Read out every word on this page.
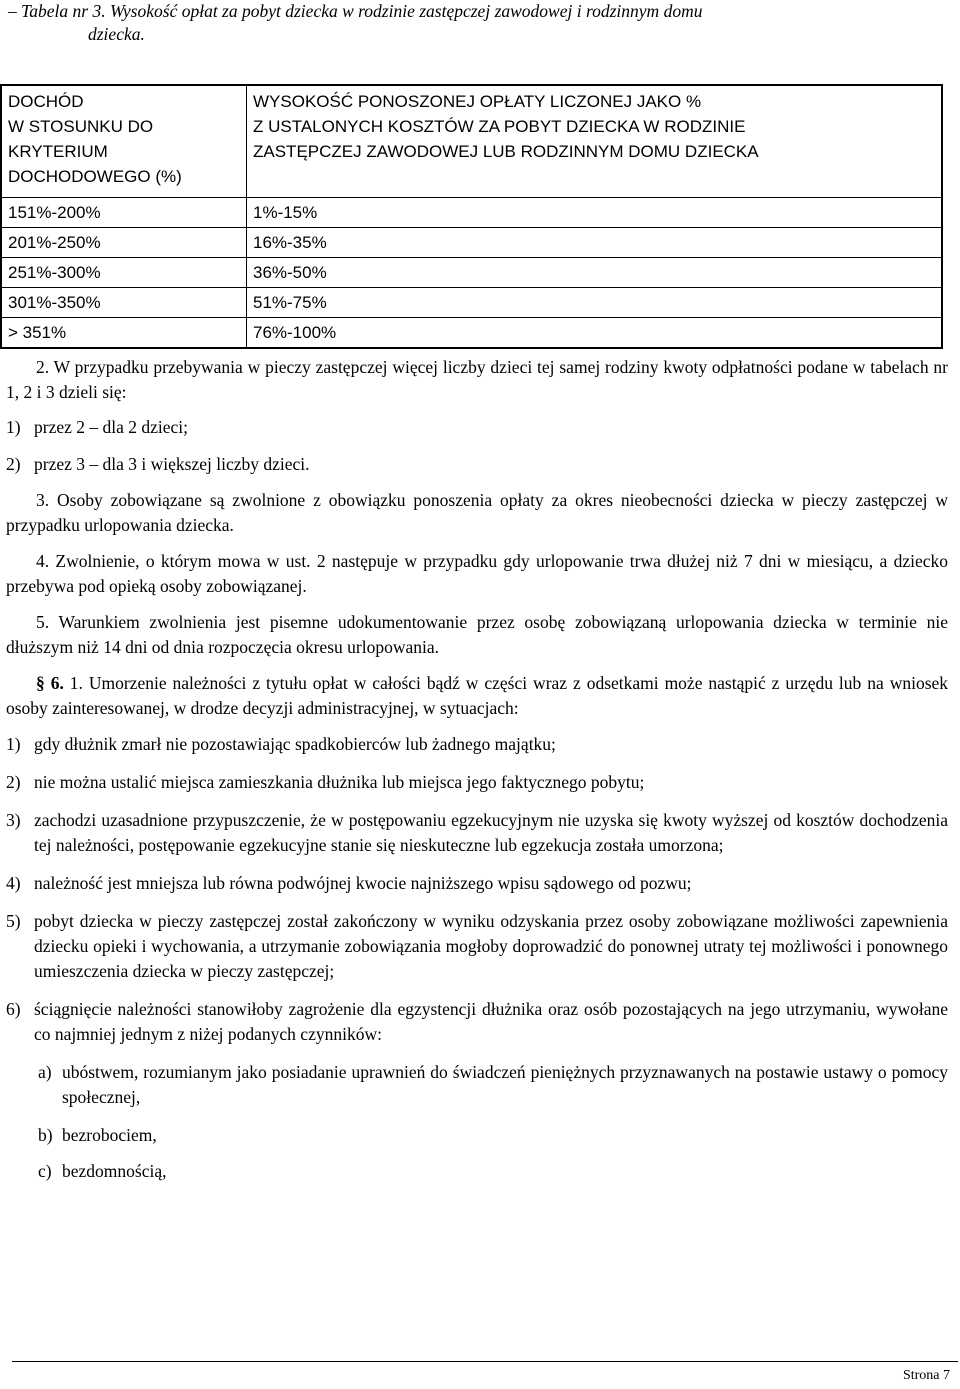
– Tabela nr 3. Wysokość opłat za pobyt dziecka w rodzinie zastępczej zawodowej i rodzinnym domu
dziecka.
DOCHÓD
W STOSUNKU DO
KRYTERIUM
DOCHODOWEGO (%)	WYSOKOŚĆ PONOSZONEJ OPŁATY LICZONEJ JAKO %
Z USTALONYCH KOSZTÓW ZA POBYT DZIECKA W RODZINIE
ZASTĘPCZEJ ZAWODOWEJ LUB RODZINNYM DOMU DZIECKA
151%-200%	1%-15%
201%-250%	16%-35%
251%-300%	36%-50%
301%-350%	51%-75%
> 351%	76%-100%

2. W przypadku przebywania w pieczy zastępczej więcej liczby dzieci tej samej rodziny kwoty odpłatności podane w tabelach nr 1, 2 i 3 dzieli się:

1) przez 2 – dla 2 dzieci;
2) przez 3 – dla 3 i większej liczby dzieci.

3. Osoby zobowiązane są zwolnione z obowiązku ponoszenia opłaty za okres nieobecności dziecka w pieczy zastępczej w przypadku urlopowania dziecka.

4. Zwolnienie, o którym mowa w ust. 2 następuje w przypadku gdy urlopowanie trwa dłużej niż 7 dni w miesiącu, a dziecko przebywa pod opieką osoby zobowiązanej.

5. Warunkiem zwolnienia jest pisemne udokumentowanie przez osobę zobowiązaną urlopowania dziecka w terminie nie dłuższym niż 14 dni od dnia rozpoczęcia okresu urlopowania.

§ 6. 1. Umorzenie należności z tytułu opłat w całości bądź w części wraz z odsetkami może nastąpić z urzędu lub na wniosek osoby zainteresowanej, w drodze decyzji administracyjnej, w sytuacjach:

1) gdy dłużnik zmarł nie pozostawiając spadkobierców lub żadnego majątku;
2) nie można ustalić miejsca zamieszkania dłużnika lub miejsca jego faktycznego pobytu;
3) zachodzi uzasadnione przypuszczenie, że w postępowaniu egzekucyjnym nie uzyska się kwoty wyższej od kosztów dochodzenia tej należności, postępowanie egzekucyjne stanie się nieskuteczne lub egzekucja została umorzona;
4) należność jest mniejsza lub równa podwójnej kwocie najniższego wpisu sądowego od pozwu;
5) pobyt dziecka w pieczy zastępczej został zakończony w wyniku odzyskania przez osoby zobowiązane możliwości zapewnienia dziecku opieki i wychowania, a utrzymanie zobowiązania mogłoby doprowadzić do ponownej utraty tej możliwości i ponownego umieszczenia dziecka w pieczy zastępczej;
6) ściągnięcie należności stanowiłoby zagrożenie dla egzystencji dłużnika oraz osób pozostających na jego utrzymaniu, wywołane co najmniej jednym z niżej podanych czynników:
a) ubóstwem, rozumianym jako posiadanie uprawnień do świadczeń pieniężnych przyznawanych na postawie ustawy o pomocy społecznej,
b) bezrobociem,
c) bezdomnością,
Strona 7
